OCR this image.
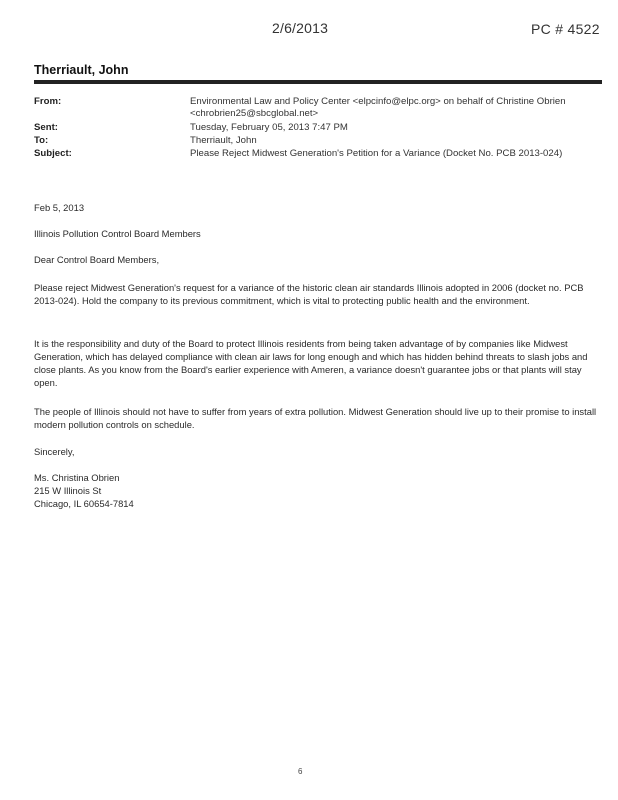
2/6/2013	PC # 4522
Therriault, John
From:	Environmental Law and Policy Center <elpcinfo@elpc.org> on behalf of Christine Obrien <chrobrien25@sbcglobal.net>
Sent:	Tuesday, February 05, 2013 7:47 PM
To:	Therriault, John
Subject:	Please Reject Midwest Generation's Petition for a Variance (Docket No. PCB 2013-024)
Feb 5, 2013
Illinois Pollution Control Board Members
Dear Control Board Members,

Please reject Midwest Generation's request for a variance of the historic clean air standards Illinois adopted in 2006 (docket no. PCB 2013-024). Hold the company to its previous commitment, which is vital to protecting public health and the environment.

It is the responsibility and duty of the Board to protect Illinois residents from being taken advantage of by companies like Midwest Generation, which has delayed compliance with clean air laws for long enough and which has hidden behind threats to slash jobs and close plants. As you know from the Board's earlier experience with Ameren, a variance doesn't guarantee jobs or that plants will stay open.

The people of Illinois should not have to suffer from years of extra pollution. Midwest Generation should live up to their promise to install modern pollution controls on schedule.

Sincerely,
Ms. Christina Obrien
215 W Illinois St
Chicago, IL 60654-7814
6
